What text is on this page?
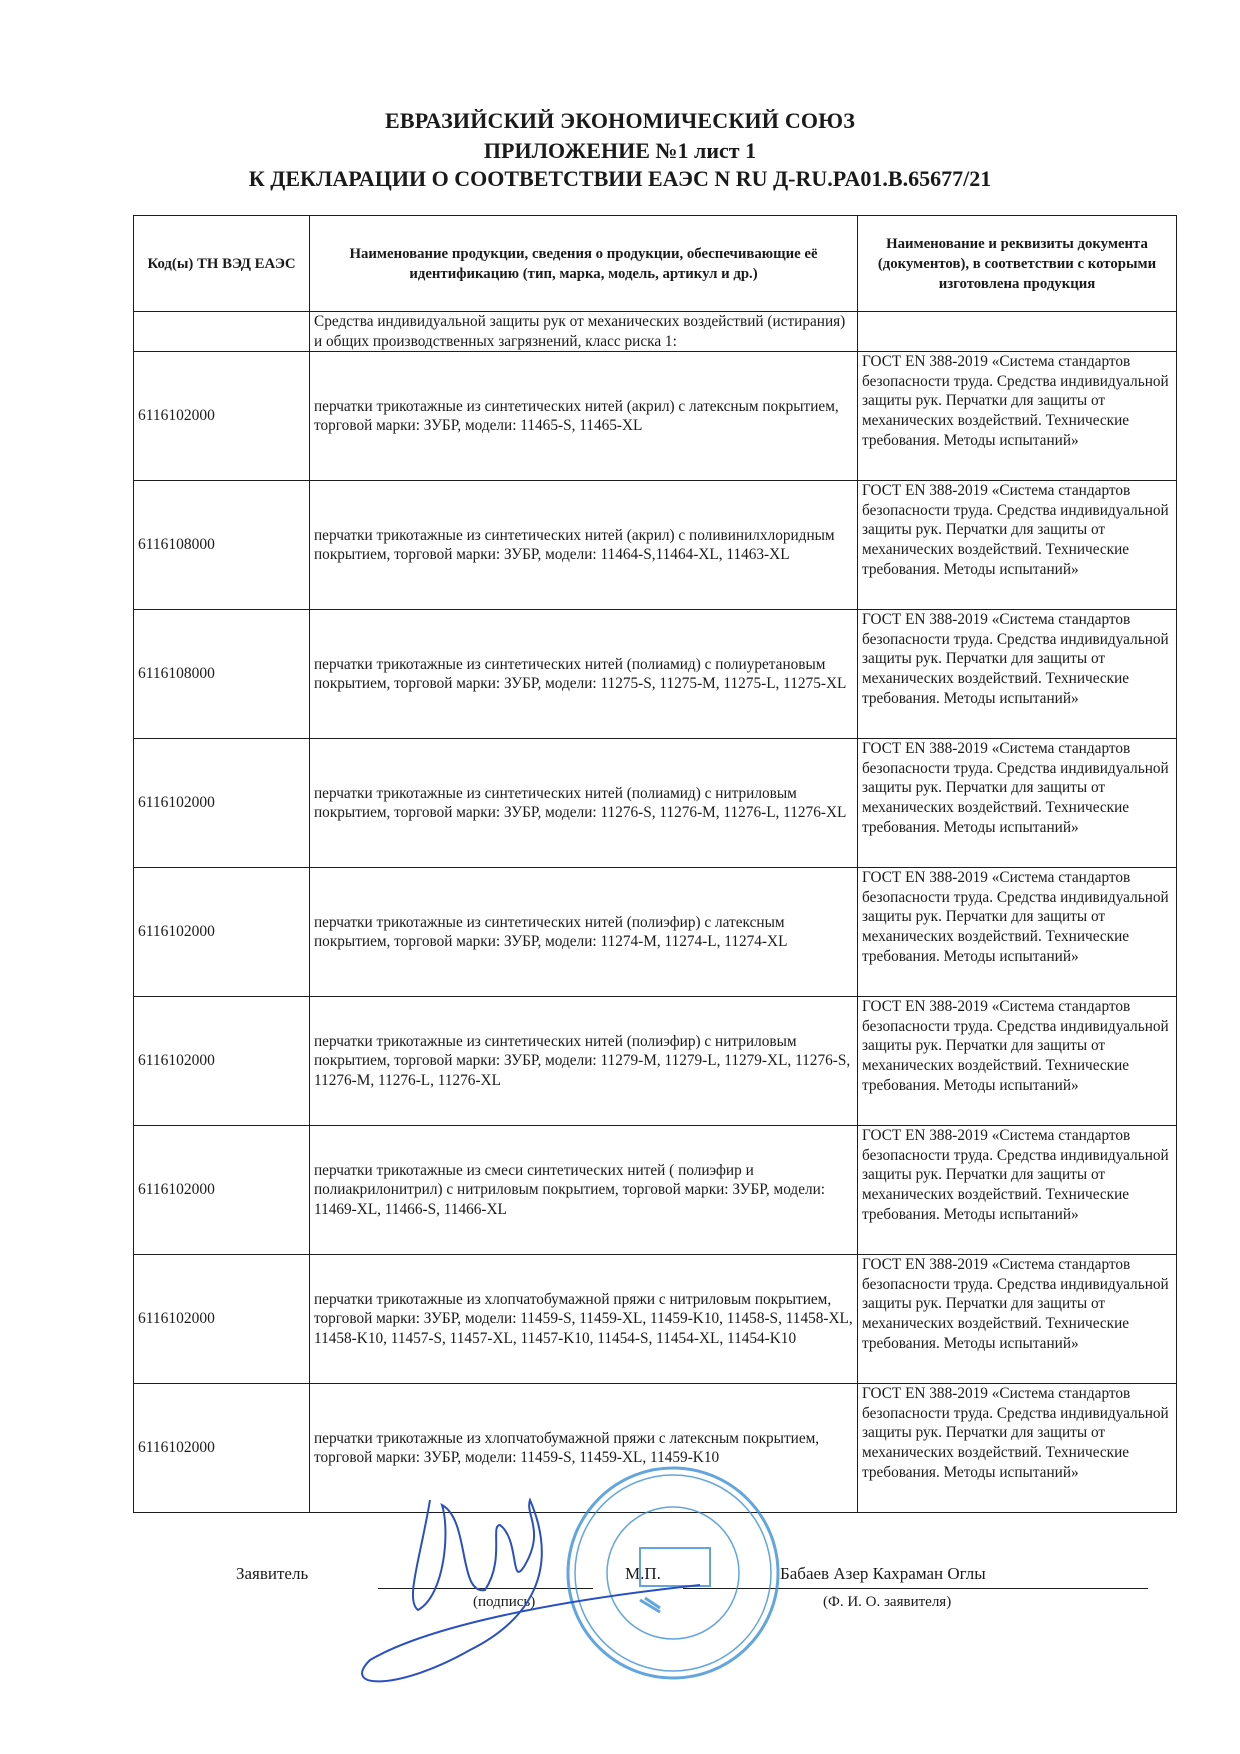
ЕВРАЗИЙСКИЙ ЭКОНОМИЧЕСКИЙ СОЮЗ
ПРИЛОЖЕНИЕ №1 лист 1
К ДЕКЛАРАЦИИ О СООТВЕТСТВИИ ЕАЭС N RU Д-RU.PA01.B.65677/21
Код(ы) ТН ВЭД ЕАЭС	Наименование продукции, сведения о продукции, обеспечивающие её идентификацию (тип, марка, модель, артикул и др.)	Наименование и реквизиты документа (документов), в соответствии с которыми изготовлена продукция
	Средства индивидуальной защиты рук от механических воздействий (истирания) и общих производственных загрязнений, класс риска 1:	
6116102000	перчатки трикотажные из синтетических нитей (акрил) с латексным покрытием, торговой марки: ЗУБР, модели: 11465-S, 11465-XL	ГОСТ EN 388-2019 «Система стандартов безопасности труда. Средства индивидуальной защиты рук. Перчатки для защиты от механических воздействий. Технические требования. Методы испытаний»
6116108000	перчатки трикотажные из синтетических нитей (акрил) с поливинилхлоридным покрытием, торговой марки: ЗУБР, модели: 11464-S,11464-XL, 11463-XL	ГОСТ EN 388-2019 «Система стандартов безопасности труда. Средства индивидуальной защиты рук. Перчатки для защиты от механических воздействий. Технические требования. Методы испытаний»
6116108000	перчатки трикотажные из синтетических нитей (полиамид) с полиуретановым покрытием, торговой марки: ЗУБР, модели: 11275-S, 11275-M, 11275-L, 11275-XL	ГОСТ EN 388-2019 «Система стандартов безопасности труда. Средства индивидуальной защиты рук. Перчатки для защиты от механических воздействий. Технические требования. Методы испытаний»
6116102000	перчатки трикотажные из синтетических нитей (полиамид) с нитриловым покрытием, торговой марки: ЗУБР, модели: 11276-S, 11276-M, 11276-L, 11276-XL	ГОСТ EN 388-2019 «Система стандартов безопасности труда. Средства индивидуальной защиты рук. Перчатки для защиты от механических воздействий. Технические требования. Методы испытаний»
6116102000	перчатки трикотажные из синтетических нитей (полиэфир) с латексным покрытием, торговой марки: ЗУБР, модели: 11274-M, 11274-L, 11274-XL	ГОСТ EN 388-2019 «Система стандартов безопасности труда. Средства индивидуальной защиты рук. Перчатки для защиты от механических воздействий. Технические требования. Методы испытаний»
6116102000	перчатки трикотажные из синтетических нитей (полиэфир) с нитриловым покрытием, торговой марки: ЗУБР, модели: 11279-M, 11279-L, 11279-XL, 11276-S, 11276-M, 11276-L, 11276-XL	ГОСТ EN 388-2019 «Система стандартов безопасности труда. Средства индивидуальной защиты рук. Перчатки для защиты от механических воздействий. Технические требования. Методы испытаний»
6116102000	перчатки трикотажные из смеси синтетических нитей ( полиэфир и полиакрилонитрил) с нитриловым покрытием, торговой марки: ЗУБР, модели: 11469-XL, 11466-S, 11466-XL	ГОСТ EN 388-2019 «Система стандартов безопасности труда. Средства индивидуальной защиты рук. Перчатки для защиты от механических воздействий. Технические требования. Методы испытаний»
6116102000	перчатки трикотажные из хлопчатобумажной пряжи с нитриловым покрытием, торговой марки: ЗУБР, модели: 11459-S, 11459-XL, 11459-K10, 11458-S, 11458-XL, 11458-K10, 11457-S, 11457-XL, 11457-K10, 11454-S, 11454-XL, 11454-K10	ГОСТ EN 388-2019 «Система стандартов безопасности труда. Средства индивидуальной защиты рук. Перчатки для защиты от механических воздействий. Технические требования. Методы испытаний»
6116102000	перчатки трикотажные из хлопчатобумажной пряжи с латексным покрытием, торговой марки: ЗУБР, модели: 11459-S, 11459-XL, 11459-K10	ГОСТ EN 388-2019 «Система стандартов безопасности труда. Средства индивидуальной защиты рук. Перчатки для защиты от механических воздействий. Технические требования. Методы испытаний»
Заявитель
(подпись)
М.П.	Бабаев Азер Кахраман Оглы
(Ф. И. О. заявителя)
